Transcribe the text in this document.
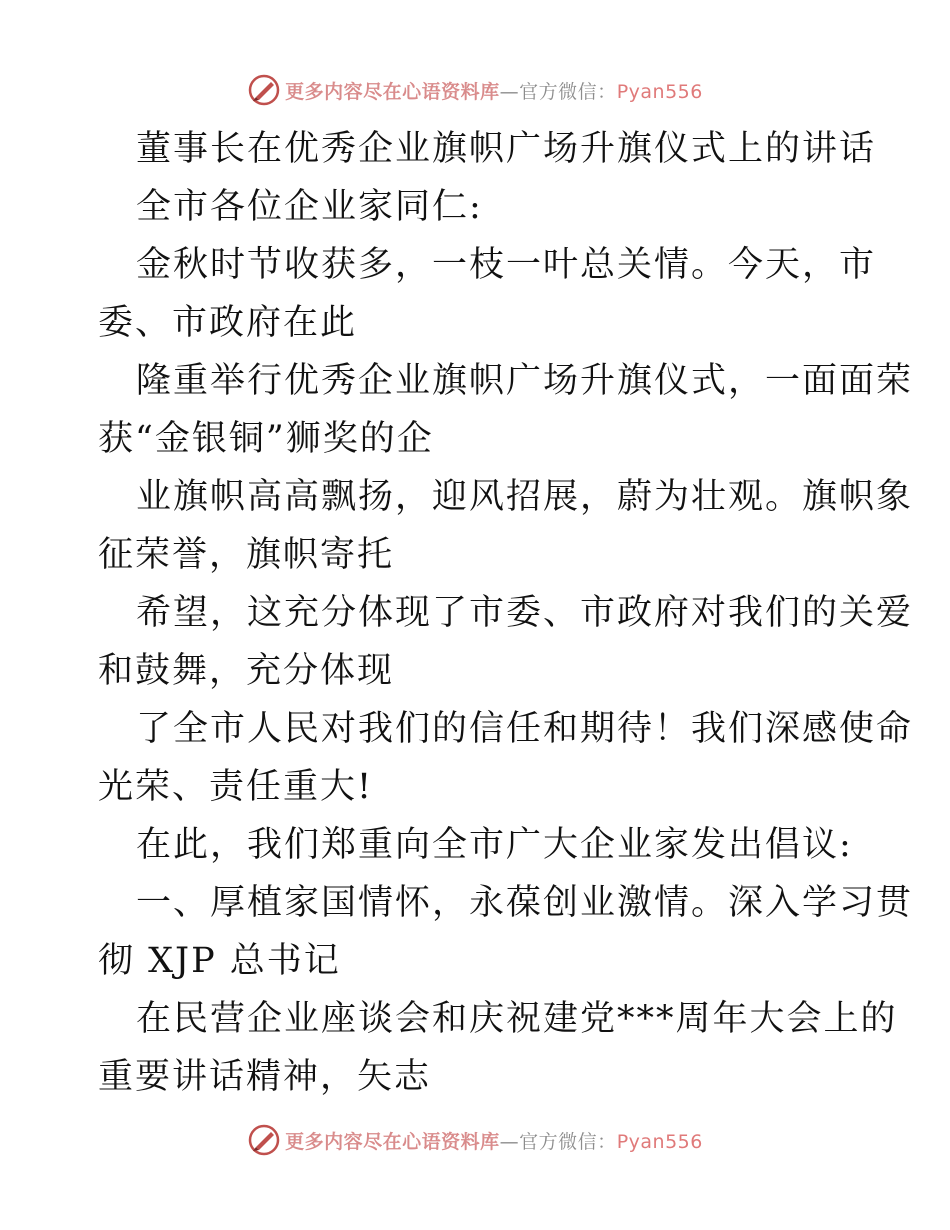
更多内容尽在心语资料库—官方微信：Pyan556
董事长在优秀企业旗帜广场升旗仪式上的讲话
全市各位企业家同仁:
金秋时节收获多，一枝一叶总关情。今天，市
委、市政府在此
隆重举行优秀企业旗帜广场升旗仪式，一面面荣
获“金银铜”狮奖的企
业旗帜高高飘扬，迎风招展，蔚为壮观。旗帜象
征荣誉，旗帜寄托
希望，这充分体现了市委、市政府对我们的关爱
和鼓舞，充分体现
了全市人民对我们的信任和期待！我们深感使命
光荣、责任重大!
在此，我们郑重向全市广大企业家发出倡议:
一、厚植家国情怀，永葆创业激情。深入学习贯
彻 XJP 总书记
在民营企业座谈会和庆祝建党***周年大会上的
重要讲话精神，矢志
更多内容尽在心语资料库—官方微信：Pyan556
